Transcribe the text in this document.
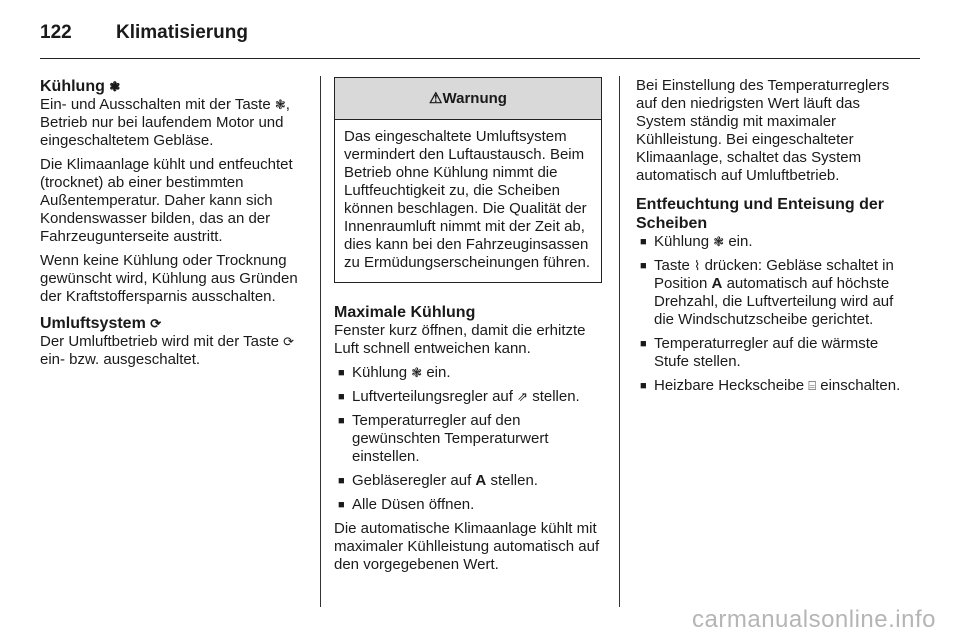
122 Klimatisierung
Kühlung ❃

Ein- und Ausschalten mit der Taste ❃, Betrieb nur bei laufendem Motor und eingeschaltetem Gebläse.

Die Klimaanlage kühlt und entfeuchtet (trocknet) ab einer bestimmten Außentemperatur. Daher kann sich Kondenswasser bilden, das an der Fahrzeugunterseite austritt.

Wenn keine Kühlung oder Trocknung gewünscht wird, Kühlung aus Gründen der Kraftstoffersparnis ausschalten.

Umluftsystem ⟳

Der Umluftbetrieb wird mit der Taste ⟳ ein- bzw. ausgeschaltet.

⚠Warnung
Das eingeschaltete Umluftsystem vermindert den Luftaustausch. Beim Betrieb ohne Kühlung nimmt die Luftfeuchtigkeit zu, die Scheiben können beschlagen. Die Qualität der Innenraumluft nimmt mit der Zeit ab, dies kann bei den Fahrzeuginsassen zu Ermüdungserscheinungen führen.
Maximale Kühlung

Fenster kurz öffnen, damit die erhitzte Luft schnell entweichen kann.

■ Kühlung ❃ ein.
■ Luftverteilungsregler auf ⇗ stellen.
■ Temperaturregler auf den gewünschten Temperaturwert einstellen.
■ Gebläseregler auf A stellen.
■ Alle Düsen öffnen.

Die automatische Klimaanlage kühlt mit maximaler Kühlleistung automatisch auf den vorgegebenen Wert.

Bei Einstellung des Temperaturreglers auf den niedrigsten Wert läuft das System ständig mit maximaler Kühlleistung. Bei eingeschalteter Klimaanlage, schaltet das System automatisch auf Umluftbetrieb.

Entfeuchtung und Enteisung der Scheiben
■ Kühlung ❃ ein.
■ Taste ⌇ drücken: Gebläse schaltet in Position A automatisch auf höchste Drehzahl, die Luftverteilung wird auf die Windschutzscheibe gerichtet.
■ Temperaturregler auf die wärmste Stufe stellen.
■ Heizbare Heckscheibe ⌸ einschalten.
carmanualsonline.info
